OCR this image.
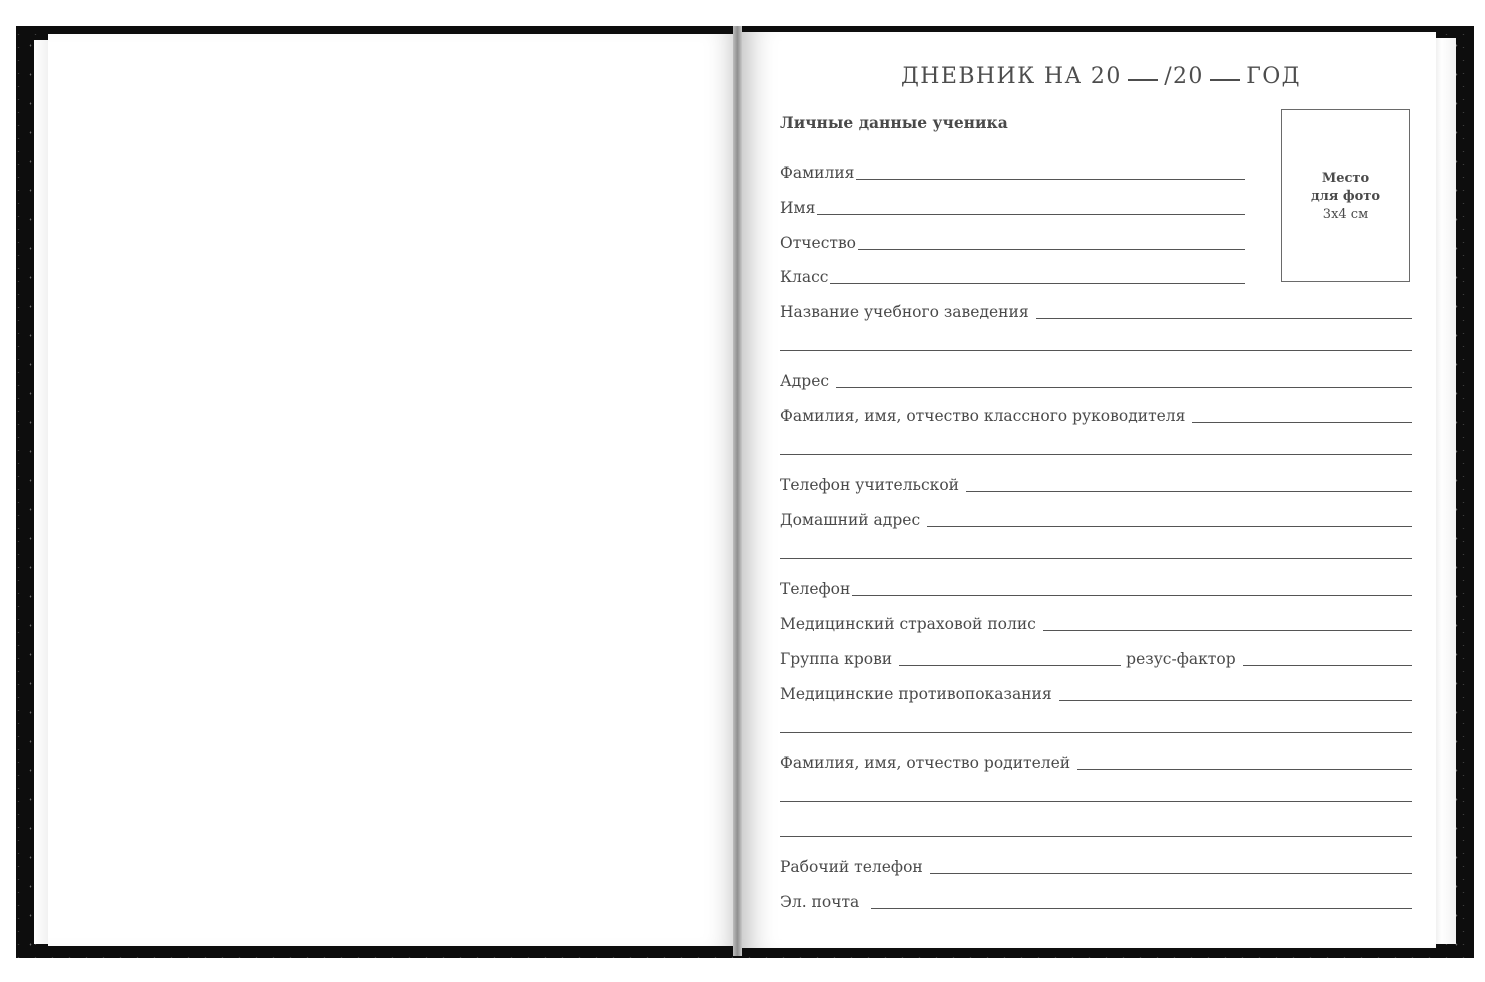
ДНЕВНИК НА 20 /20 ГОД
Личные данные ученика
Место
для фото
3х4 см
Фамилия
Имя
Отчество
Класс
Название учебного заведения
Адрес
Фамилия, имя, отчество классного руководителя
Телефон учительской
Домашний адрес
Телефон
Медицинский страховой полис
Группа крови	резус-фактор
Медицинские противопоказания
Фамилия, имя, отчество родителей
Рабочий телефон
Эл. почта
